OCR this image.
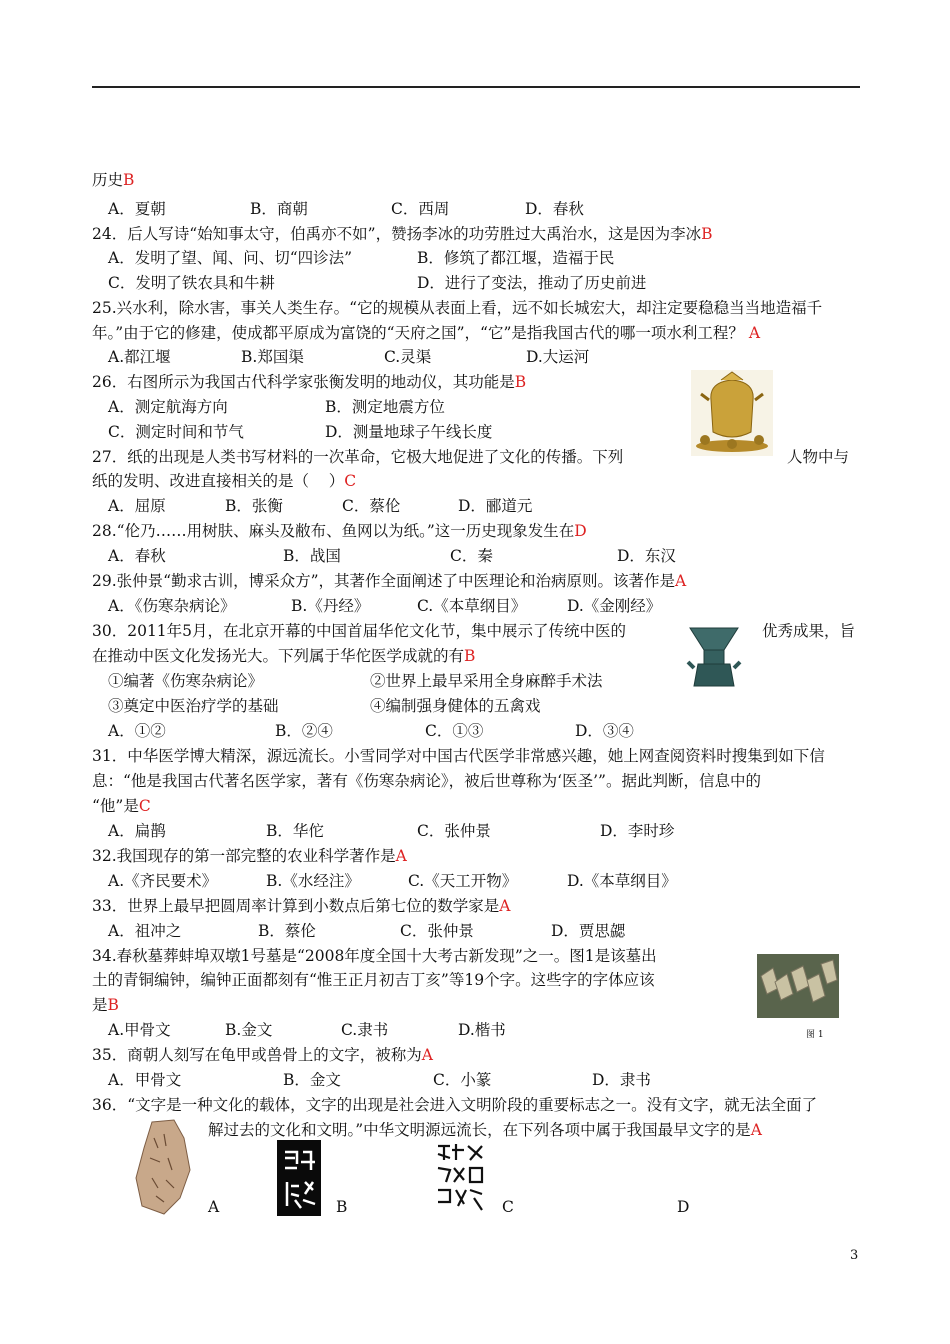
历史B
A．夏朝	B．商朝	C．西周	D．春秋
24．后人写诗“始知事太守，伯禹亦不如”，赞扬李冰的功劳胜过大禹治水，这是因为李冰B
A．发明了望、闻、问、切“四诊法”	B．修筑了都江堰，造福于民
C．发明了铁农具和牛耕	D．进行了变法，推动了历史前进
25.兴水利，除水害，事关人类生存。“它的规模从表面上看，远不如长城宏大，却注定要稳稳当当地造福千
年。”由于它的修建，使成都平原成为富饶的“天府之国”，“它”是指我国古代的哪一项水利工程？ A
A.都江堰	B.郑国渠	C.灵渠	D.大运河
26．右图所示为我国古代科学家张衡发明的地动仪，其功能是B
A．测定航海方向	B．测定地震方位
C．测定时间和节气	D．测量地球子午线长度
27．纸的出现是人类书写材料的一次革命，它极大地促进了文化的传播。下列	人物中与
纸的发明、改进直接相关的是（    ）C
A．屈原	B．张衡	C．蔡伦	D．郦道元
28.“伦乃……用树肤、麻头及敝布、鱼网以为纸。”这一历史现象发生在D
A．春秋	B．战国	C．秦	D．东汉
29.张仲景“勤求古训，博采众方”，其著作全面阐述了中医理论和治病原则。该著作是A
A．《伤寒杂病论》	B.《丹经》	C.《本草纲目》	D.《金刚经》
30．2011年5月，在北京开幕的中国首届华佗文化节，集中展示了传统中医的	优秀成果，旨
在推动中医文化发扬光大。下列属于华佗医学成就的有B
①编著《伤寒杂病论》	②世界上最早采用全身麻醉手术法
③奠定中医治疗学的基础	④编制强身健体的五禽戏
A．①②	B．②④	C．①③	D．③④
31．中华医学博大精深，源远流长。小雪同学对中国古代医学非常感兴趣，她上网查阅资料时搜集到如下信
息：“他是我国古代著名医学家，著有《伤寒杂病论》，被后世尊称为‘医圣’”。据此判断，信息中的
“他”是C
A．扁鹊	B．华佗	C．张仲景	D．李时珍
32.我国现存的第一部完整的农业科学著作是A
A.《齐民要术》	B.《水经注》	C.《天工开物》	D.《本草纲目》
33．世界上最早把圆周率计算到小数点后第七位的数学家是A
A．祖冲之	B．蔡伦	C．张仲景	D．贾思勰
34.春秋墓葬蚌埠双墩1号墓是“2008年度全国十大考古新发现”之一。图1是该墓出
土的青铜编钟，编钟正面都刻有“惟王正月初吉丁亥”等19个字。这些字的字体应该
是B
A.甲骨文	B.金文	C.隶书	D.楷书	图 1
35．商朝人刻写在龟甲或兽骨上的文字，被称为A
A．甲骨文	B．金文	C．小篆	D．隶书
36．“文字是一种文化的载体，文字的出现是社会进入文明阶段的重要标志之一。没有文字，就无法全面了
解过去的文化和文明。”中华文明源远流长，在下列各项中属于我国最早文字的是A
A	B	C	D
3
